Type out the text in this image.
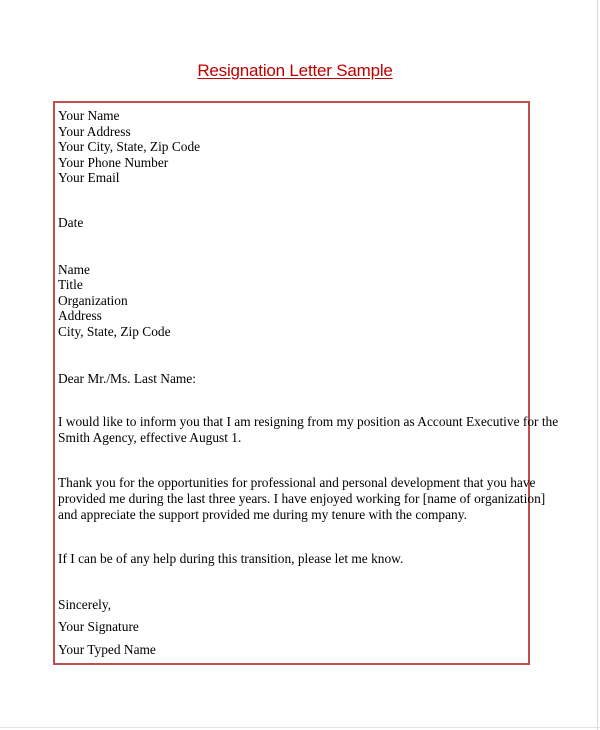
Resignation Letter Sample
Your Name
Your Address
Your City, State, Zip Code
Your Phone Number
Your Email
Date
Name
Title
Organization
Address
City, State, Zip Code
Dear Mr./Ms. Last Name:
I would like to inform you that I am resigning from my position as Account Executive for the
Smith Agency, effective August 1.
Thank you for the opportunities for professional and personal development that you have
provided me during the last three years. I have enjoyed working for [name of organization]
and appreciate the support provided me during my tenure with the company.
If I can be of any help during this transition, please let me know.
Sincerely,
Your Signature
Your Typed Name
